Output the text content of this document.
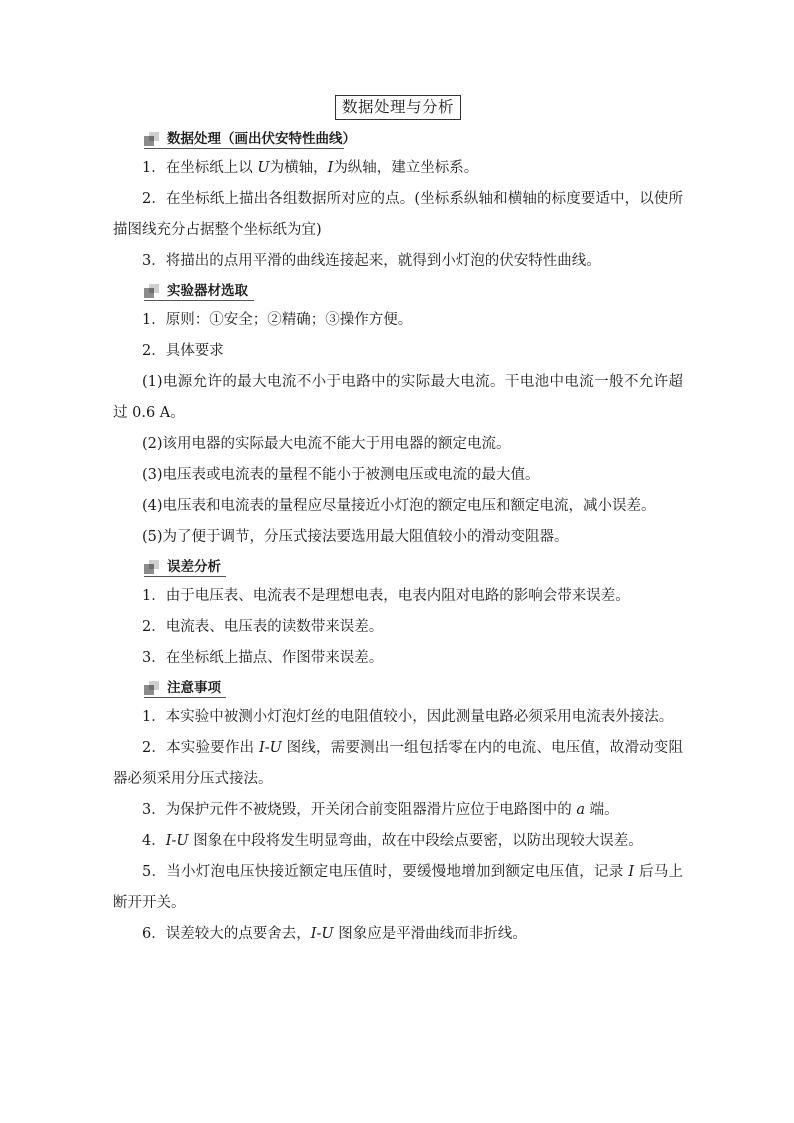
数据处理与分析
数据处理（画出伏安特性曲线）

1．在坐标纸上以 U为横轴，I为纵轴，建立坐标系。

2．在坐标纸上描出各组数据所对应的点。(坐标系纵轴和横轴的标度要适中，以使所描图线充分占据整个坐标纸为宜)

3．将描出的点用平滑的曲线连接起来，就得到小灯泡的伏安特性曲线。

实验器材选取

1．原则：①安全；②精确；③操作方便。

2．具体要求

(1)电源允许的最大电流不小于电路中的实际最大电流。干电池中电流一般不允许超过 0.6 A。

(2)该用电器的实际最大电流不能大于用电器的额定电流。

(3)电压表或电流表的量程不能小于被测电压或电流的最大值。

(4)电压表和电流表的量程应尽量接近小灯泡的额定电压和额定电流，减小误差。

(5)为了便于调节，分压式接法要选用最大阻值较小的滑动变阻器。

误差分析

1．由于电压表、电流表不是理想电表，电表内阻对电路的影响会带来误差。

2．电流表、电压表的读数带来误差。

3．在坐标纸上描点、作图带来误差。

注意事项

1．本实验中被测小灯泡灯丝的电阻值较小，因此测量电路必须采用电流表外接法。

2．本实验要作出 I-U 图线，需要测出一组包括零在内的电流、电压值，故滑动变阻器必须采用分压式接法。

3．为保护元件不被烧毁，开关闭合前变阻器滑片应位于电路图中的 a 端。

4．I-U 图象在中段将发生明显弯曲，故在中段绘点要密，以防出现较大误差。

5．当小灯泡电压快接近额定电压值时，要缓慢地增加到额定电压值，记录 I 后马上断开开关。

6．误差较大的点要舍去，I-U 图象应是平滑曲线而非折线。
